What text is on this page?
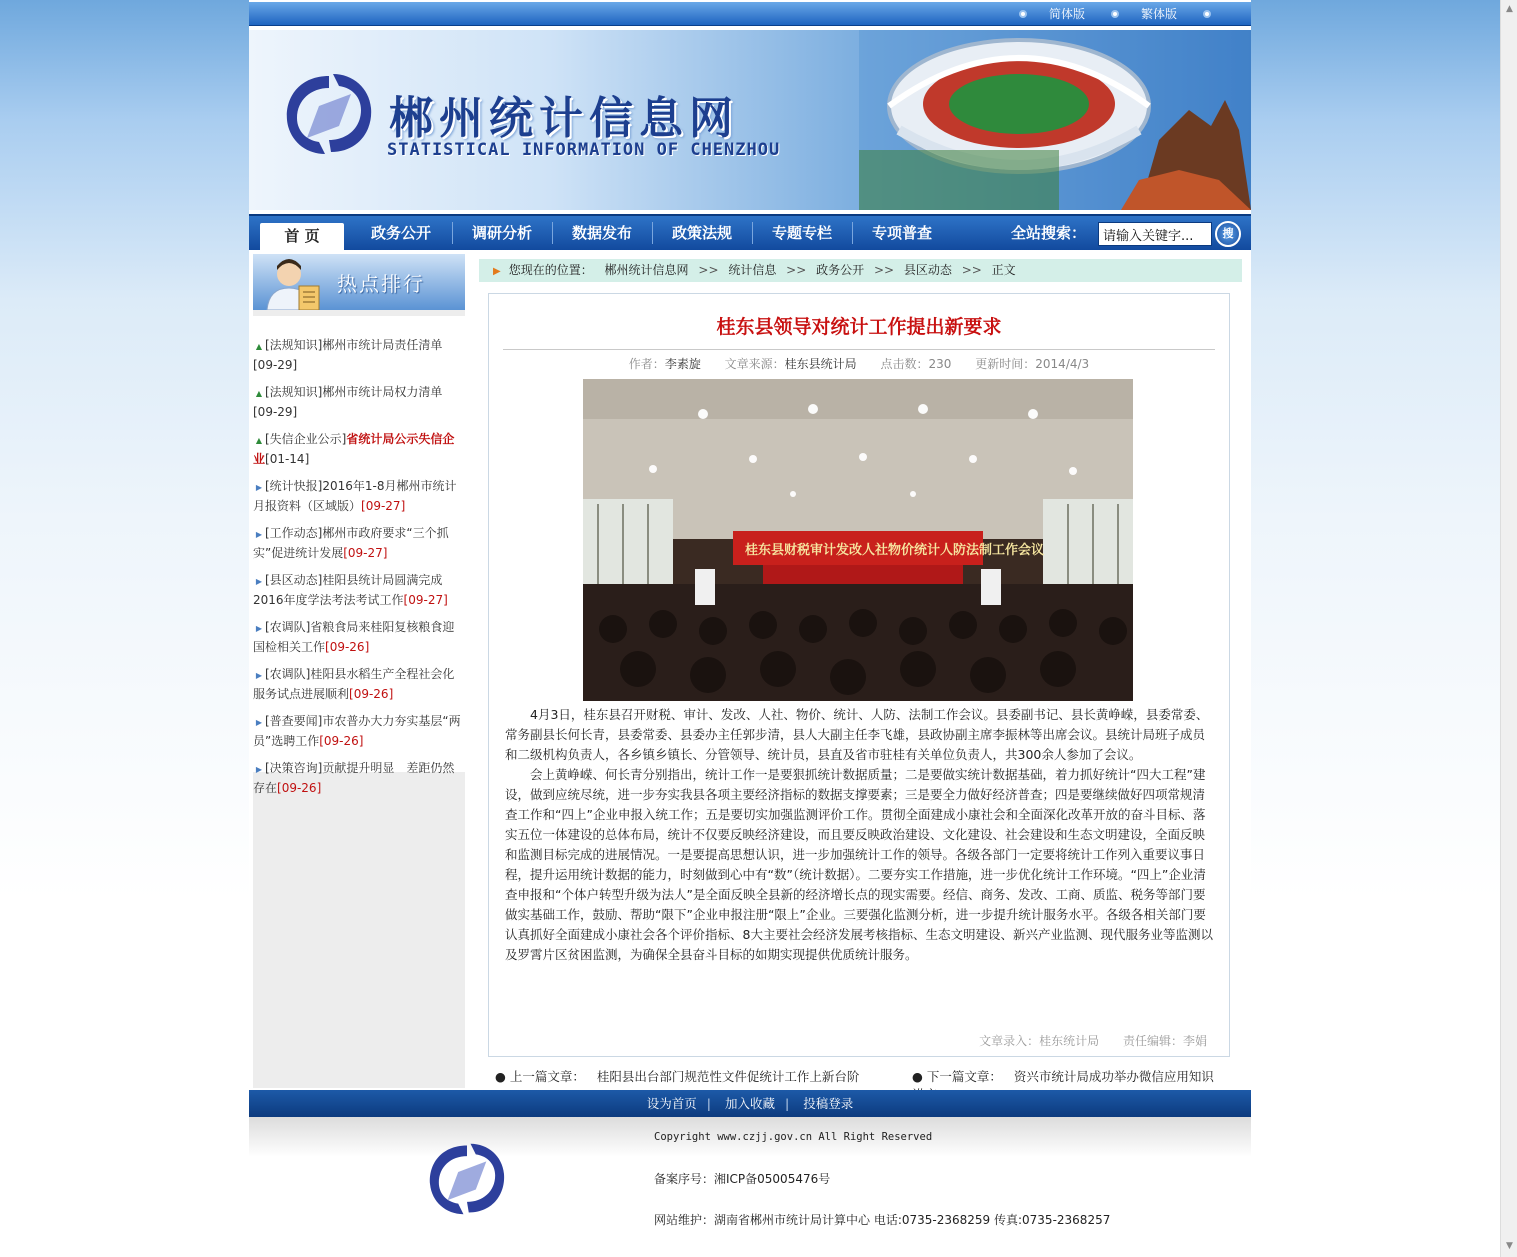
简体版	繁体版
郴州统计信息网
STATISTICAL INFORMATION OF CHENZHOU
首 页	政务公开	调研分析	数据发布	政策法规	专题专栏	专项普查	全站搜索：
请输入关键字...	搜
热点排行
▲ [法规知识]郴州市统计局责任清单[09-29]
▲ [法规知识]郴州市统计局权力清单[09-29]
▲ [失信企业公示]省统计局公示失信企业[01-14]
▶ [统计快报]2016年1-8月郴州市统计月报资料（区域版）[09-27]
▶ [工作动态]郴州市政府要求“三个抓实”促进统计发展[09-27]
▶ [县区动态]桂阳县统计局圆满完成2016年度学法考法考试工作[09-27]
▶ [农调队]省粮食局来桂阳复核粮食迎国检相关工作[09-26]
▶ [农调队]桂阳县水稻生产全程社会化服务试点进展顺利[09-26]
▶ [普查要闻]市农普办大力夯实基层“两员”选聘工作[09-26]
▶ [决策咨询]贡献提升明显　差距仍然存在[09-26]
▶ 您现在的位置： 郴州统计信息网 >> 统计信息 >> 政务公开 >> 县区动态 >> 正文
桂东县领导对统计工作提出新要求
作者：李素旋 文章来源：桂东县统计局 点击数：230 更新时间：2014/4/3
桂东县财税审计发改人社物价统计人防法制工作会议

4月3日，桂东县召开财税、审计、发改、人社、物价、统计、人防、法制工作会议。县委副书记、县长黄峥嵘，县委常委、常务副县长何长青，县委常委、县委办主任郭步清，县人大副主任李飞雄，县政协副主席李振林等出席会议。县统计局班子成员和二级机构负责人，各乡镇乡镇长、分管领导、统计员，县直及省市驻桂有关单位负责人，共300余人参加了会议。

会上黄峥嵘、何长青分别指出，统计工作一是要狠抓统计数据质量；二是要做实统计数据基础，着力抓好统计“四大工程”建设，做到应统尽统，进一步夯实我县各项主要经济指标的数据支撑要素；三是要全力做好经济普查；四是要继续做好四项常规清查工作和“四上”企业申报入统工作；五是要切实加强监测评价工作。贯彻全面建成小康社会和全面深化改革开放的奋斗目标、落实五位一体建设的总体布局，统计不仅要反映经济建设，而且要反映政治建设、文化建设、社会建设和生态文明建设，全面反映和监测目标完成的进展情况。一是要提高思想认识，进一步加强统计工作的领导。各级各部门一定要将统计工作列入重要议事日程，提升运用统计数据的能力，时刻做到心中有“数”（统计数据）。二要夯实工作措施，进一步优化统计工作环境。“四上”企业清查申报和“个体户转型升级为法人”是全面反映全县新的经济增长点的现实需要。经信、商务、发改、工商、质监、税务等部门要做实基础工作，鼓励、帮助“限下”企业申报注册“限上”企业。三要强化监测分析，进一步提升统计服务水平。各级各相关部门要认真抓好全面建成小康社会各个评价指标、8大主要社会经济发展考核指标、生态文明建设、新兴产业监测、现代服务业等监测以及罗霄片区贫困监测，为确保全县奋斗目标的如期实现提供优质统计服务。

文章录入：桂东统计局 责任编辑：李娟
● 上一篇文章： 桂阳县出台部门规范性文件促统计工作上新台阶	● 下一篇文章： 资兴市统计局成功举办微信应用知识
设为首页 | 加入收藏 | 投稿登录
Copyright www.czjj.gov.cn All Right Reserved
备案序号：湘ICP备05005476号
网站维护：湖南省郴州市统计局计算中心 电话:0735-2368259 传真:0735-2368257
▲
▼
